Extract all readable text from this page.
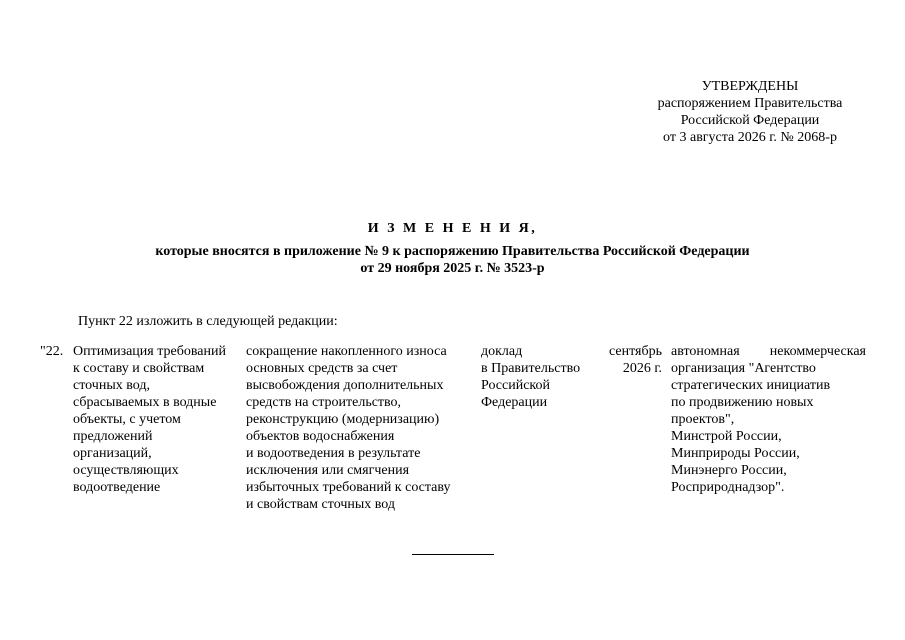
УТВЕРЖДЕНЫ
распоряжением Правительства
Российской Федерации
от 3 августа 2026 г. № 2068-р
И З М Е Н Е Н И Я,
которые вносятся в приложение № 9 к распоряжению Правительства Российской Федерации
от 29 ноября 2025 г. № 3523-р
Пункт 22 изложить в следующей редакции:
"22. Оптимизация требований
к составу и свойствам
сточных вод,
сбрасываемых в водные
объекты, с учетом
предложений
организаций,
осуществляющих
водоотведение
сокращение накопленного износа
основных средств за счет
высвобождения дополнительных
средств на строительство,
реконструкцию (модернизацию)
объектов водоснабжения
и водоотведения в результате
исключения или смягчения
избыточных требований к составу
и свойствам сточных вод
доклад
в Правительство
Российской
Федерации
сентябрь
2026 г.
автономная некоммерческая
организация "Агентство
стратегических инициатив
по продвижению новых
проектов",
Минстрой России,
Минприроды России,
Минэнерго России,
Росприроднадзор".
